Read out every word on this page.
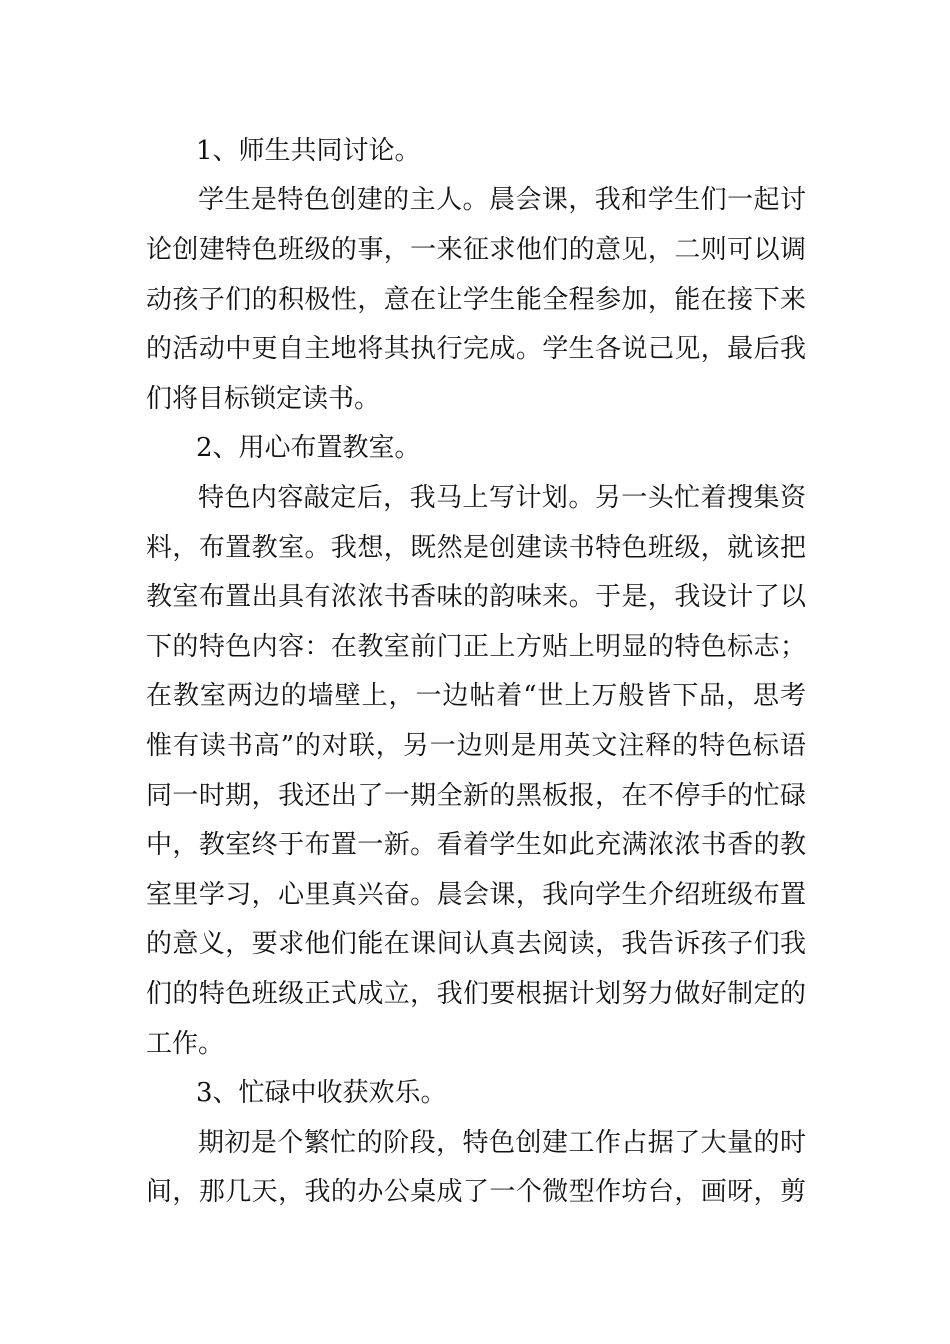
1、师生共同讨论。
学生是特色创建的主人。晨会课，我和学生们一起讨
论创建特色班级的事，一来征求他们的意见，二则可以调
动孩子们的积极性，意在让学生能全程参加，能在接下来
的活动中更自主地将其执行完成。学生各说己见，最后我
们将目标锁定读书。
2、用心布置教室。
特色内容敲定后，我马上写计划。另一头忙着搜集资
料，布置教室。我想，既然是创建读书特色班级，就该把
教室布置出具有浓浓书香味的韵味来。于是，我设计了以
下的特色内容：在教室前门正上方贴上明显的特色标志；
在教室两边的墙壁上，一边帖着“世上万般皆下品，思考
惟有读书高”的对联，另一边则是用英文注释的特色标语
同一时期，我还出了一期全新的黑板报，在不停手的忙碌
中，教室终于布置一新。看着学生如此充满浓浓书香的教
室里学习，心里真兴奋。晨会课，我向学生介绍班级布置
的意义，要求他们能在课间认真去阅读，我告诉孩子们我
们的特色班级正式成立，我们要根据计划努力做好制定的
工作。
3、忙碌中收获欢乐。
期初是个繁忙的阶段，特色创建工作占据了大量的时
间，那几天，我的办公桌成了一个微型作坊台，画呀，剪
